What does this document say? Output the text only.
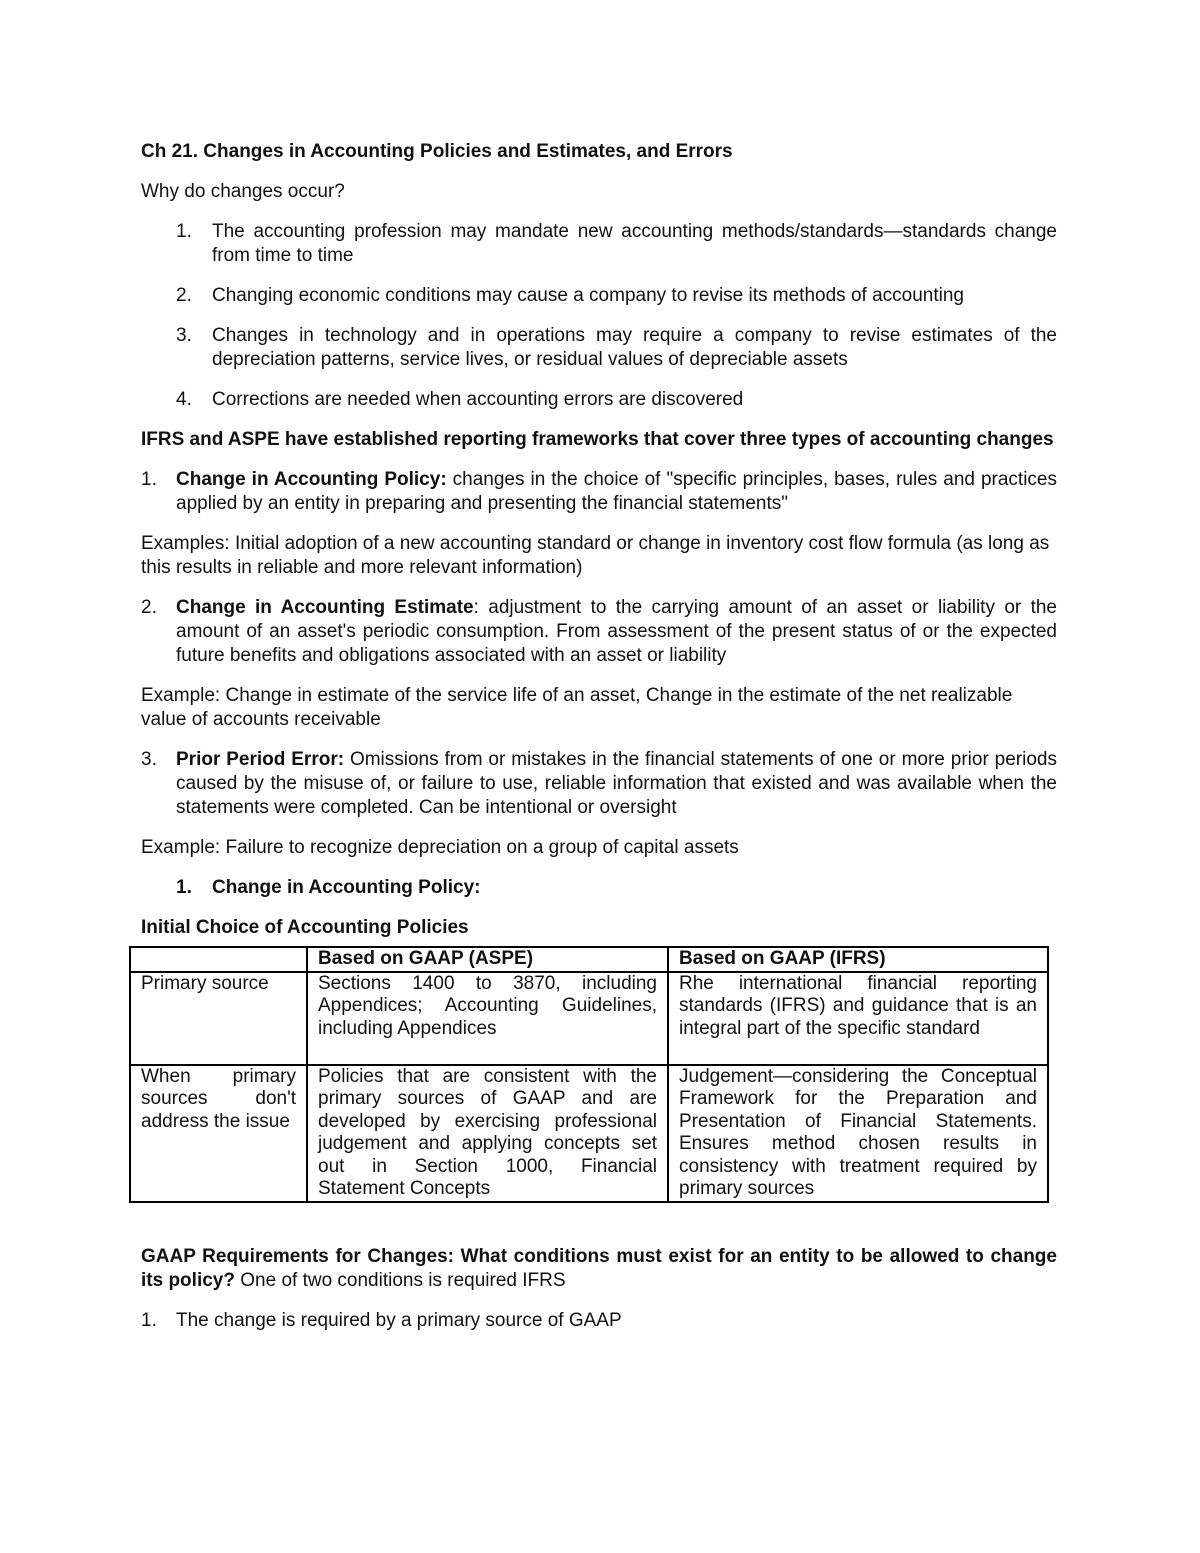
Ch 21. Changes in Accounting Policies and Estimates, and Errors

Why do changes occur?

1. The accounting profession may mandate new accounting methods/standards—standards change from time to time
2. Changing economic conditions may cause a company to revise its methods of accounting
3. Changes in technology and in operations may require a company to revise estimates of the depreciation patterns, service lives, or residual values of depreciable assets
4. Corrections are needed when accounting errors are discovered

IFRS and ASPE have established reporting frameworks that cover three types of accounting changes

1. Change in Accounting Policy: changes in the choice of "specific principles, bases, rules and practices applied by an entity in preparing and presenting the financial statements"

Examples: Initial adoption of a new accounting standard or change in inventory cost flow formula (as long as this results in reliable and more relevant information)

2. Change in Accounting Estimate: adjustment to the carrying amount of an asset or liability or the amount of an asset's periodic consumption. From assessment of the present status of or the expected future benefits and obligations associated with an asset or liability

Example: Change in estimate of the service life of an asset, Change in the estimate of the net realizable value of accounts receivable

3. Prior Period Error: Omissions from or mistakes in the financial statements of one or more prior periods caused by the misuse of, or failure to use, reliable information that existed and was available when the statements were completed. Can be intentional or oversight

Example: Failure to recognize depreciation on a group of capital assets

1. Change in Accounting Policy:

Initial Choice of Accounting Policies

	Based on GAAP (ASPE)	Based on GAAP (IFRS)
Primary source	Sections 1400 to 3870, including Appendices; Accounting Guidelines, including Appendices	Rhe international financial reporting standards (IFRS) and guidance that is an integral part of the specific standard
When primary sources don't address the issue	Policies that are consistent with the primary sources of GAAP and are developed by exercising professional judgement and applying concepts set out in Section 1000, Financial Statement Concepts	Judgement—considering the Conceptual Framework for the Preparation and Presentation of Financial Statements. Ensures method chosen results in consistency with treatment required by primary sources

GAAP Requirements for Changes: What conditions must exist for an entity to be allowed to change its policy? One of two conditions is required IFRS

1. The change is required by a primary source of GAAP
